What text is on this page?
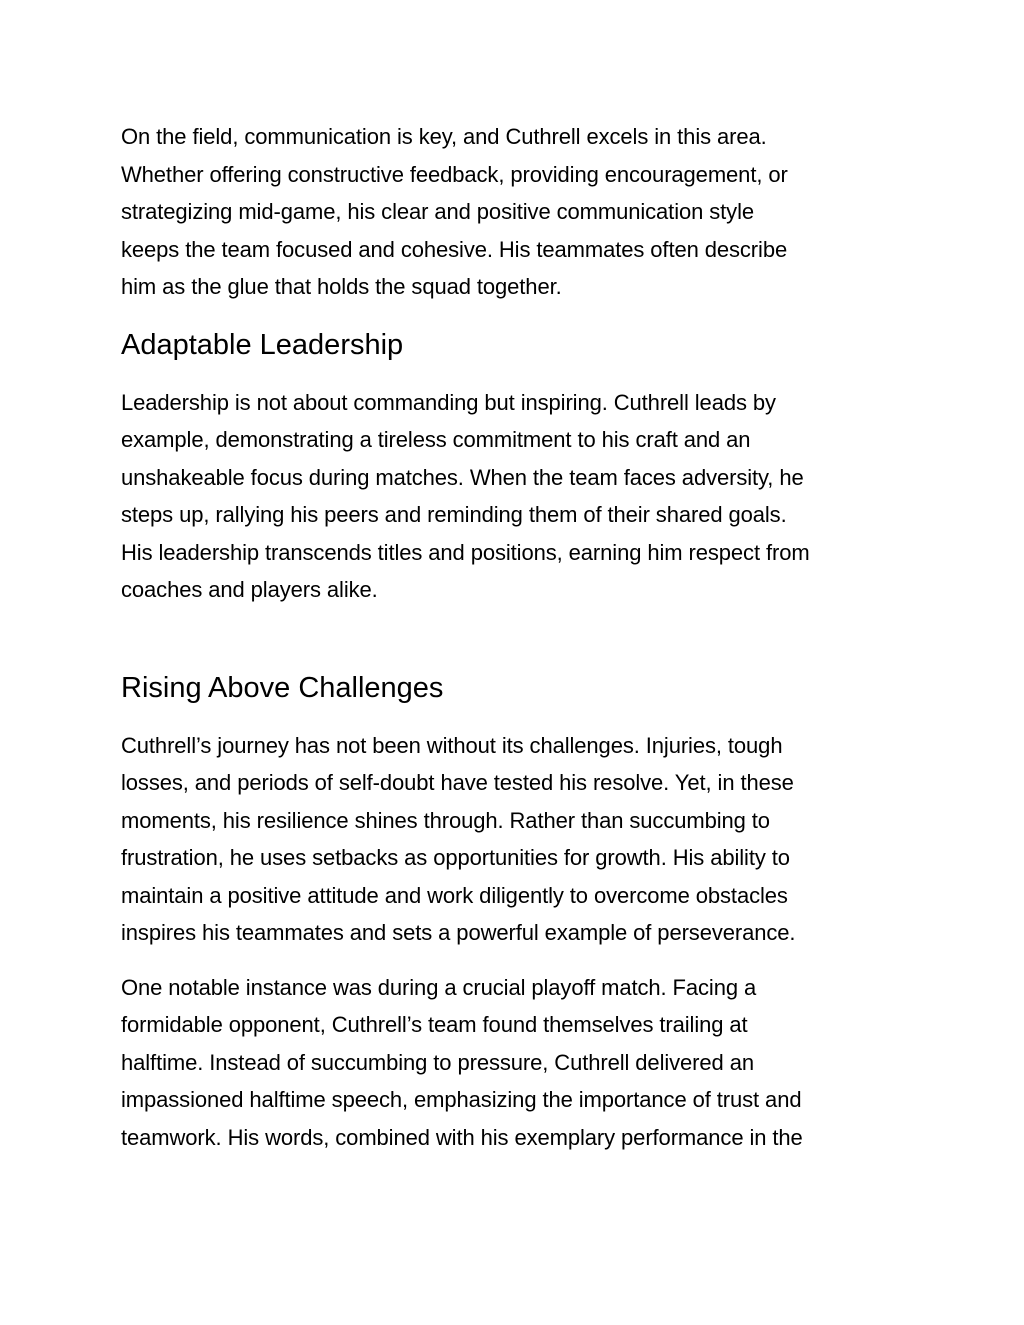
On the field, communication is key, and Cuthrell excels in this area.
Whether offering constructive feedback, providing encouragement, or
strategizing mid-game, his clear and positive communication style
keeps the team focused and cohesive. His teammates often describe
him as the glue that holds the squad together.

Adaptable Leadership

Leadership is not about commanding but inspiring. Cuthrell leads by
example, demonstrating a tireless commitment to his craft and an
unshakeable focus during matches. When the team faces adversity, he
steps up, rallying his peers and reminding them of their shared goals.
His leadership transcends titles and positions, earning him respect from
coaches and players alike.

Rising Above Challenges

Cuthrell’s journey has not been without its challenges. Injuries, tough
losses, and periods of self-doubt have tested his resolve. Yet, in these
moments, his resilience shines through. Rather than succumbing to
frustration, he uses setbacks as opportunities for growth. His ability to
maintain a positive attitude and work diligently to overcome obstacles
inspires his teammates and sets a powerful example of perseverance.

One notable instance was during a crucial playoff match. Facing a
formidable opponent, Cuthrell’s team found themselves trailing at
halftime. Instead of succumbing to pressure, Cuthrell delivered an
impassioned halftime speech, emphasizing the importance of trust and
teamwork. His words, combined with his exemplary performance in the
